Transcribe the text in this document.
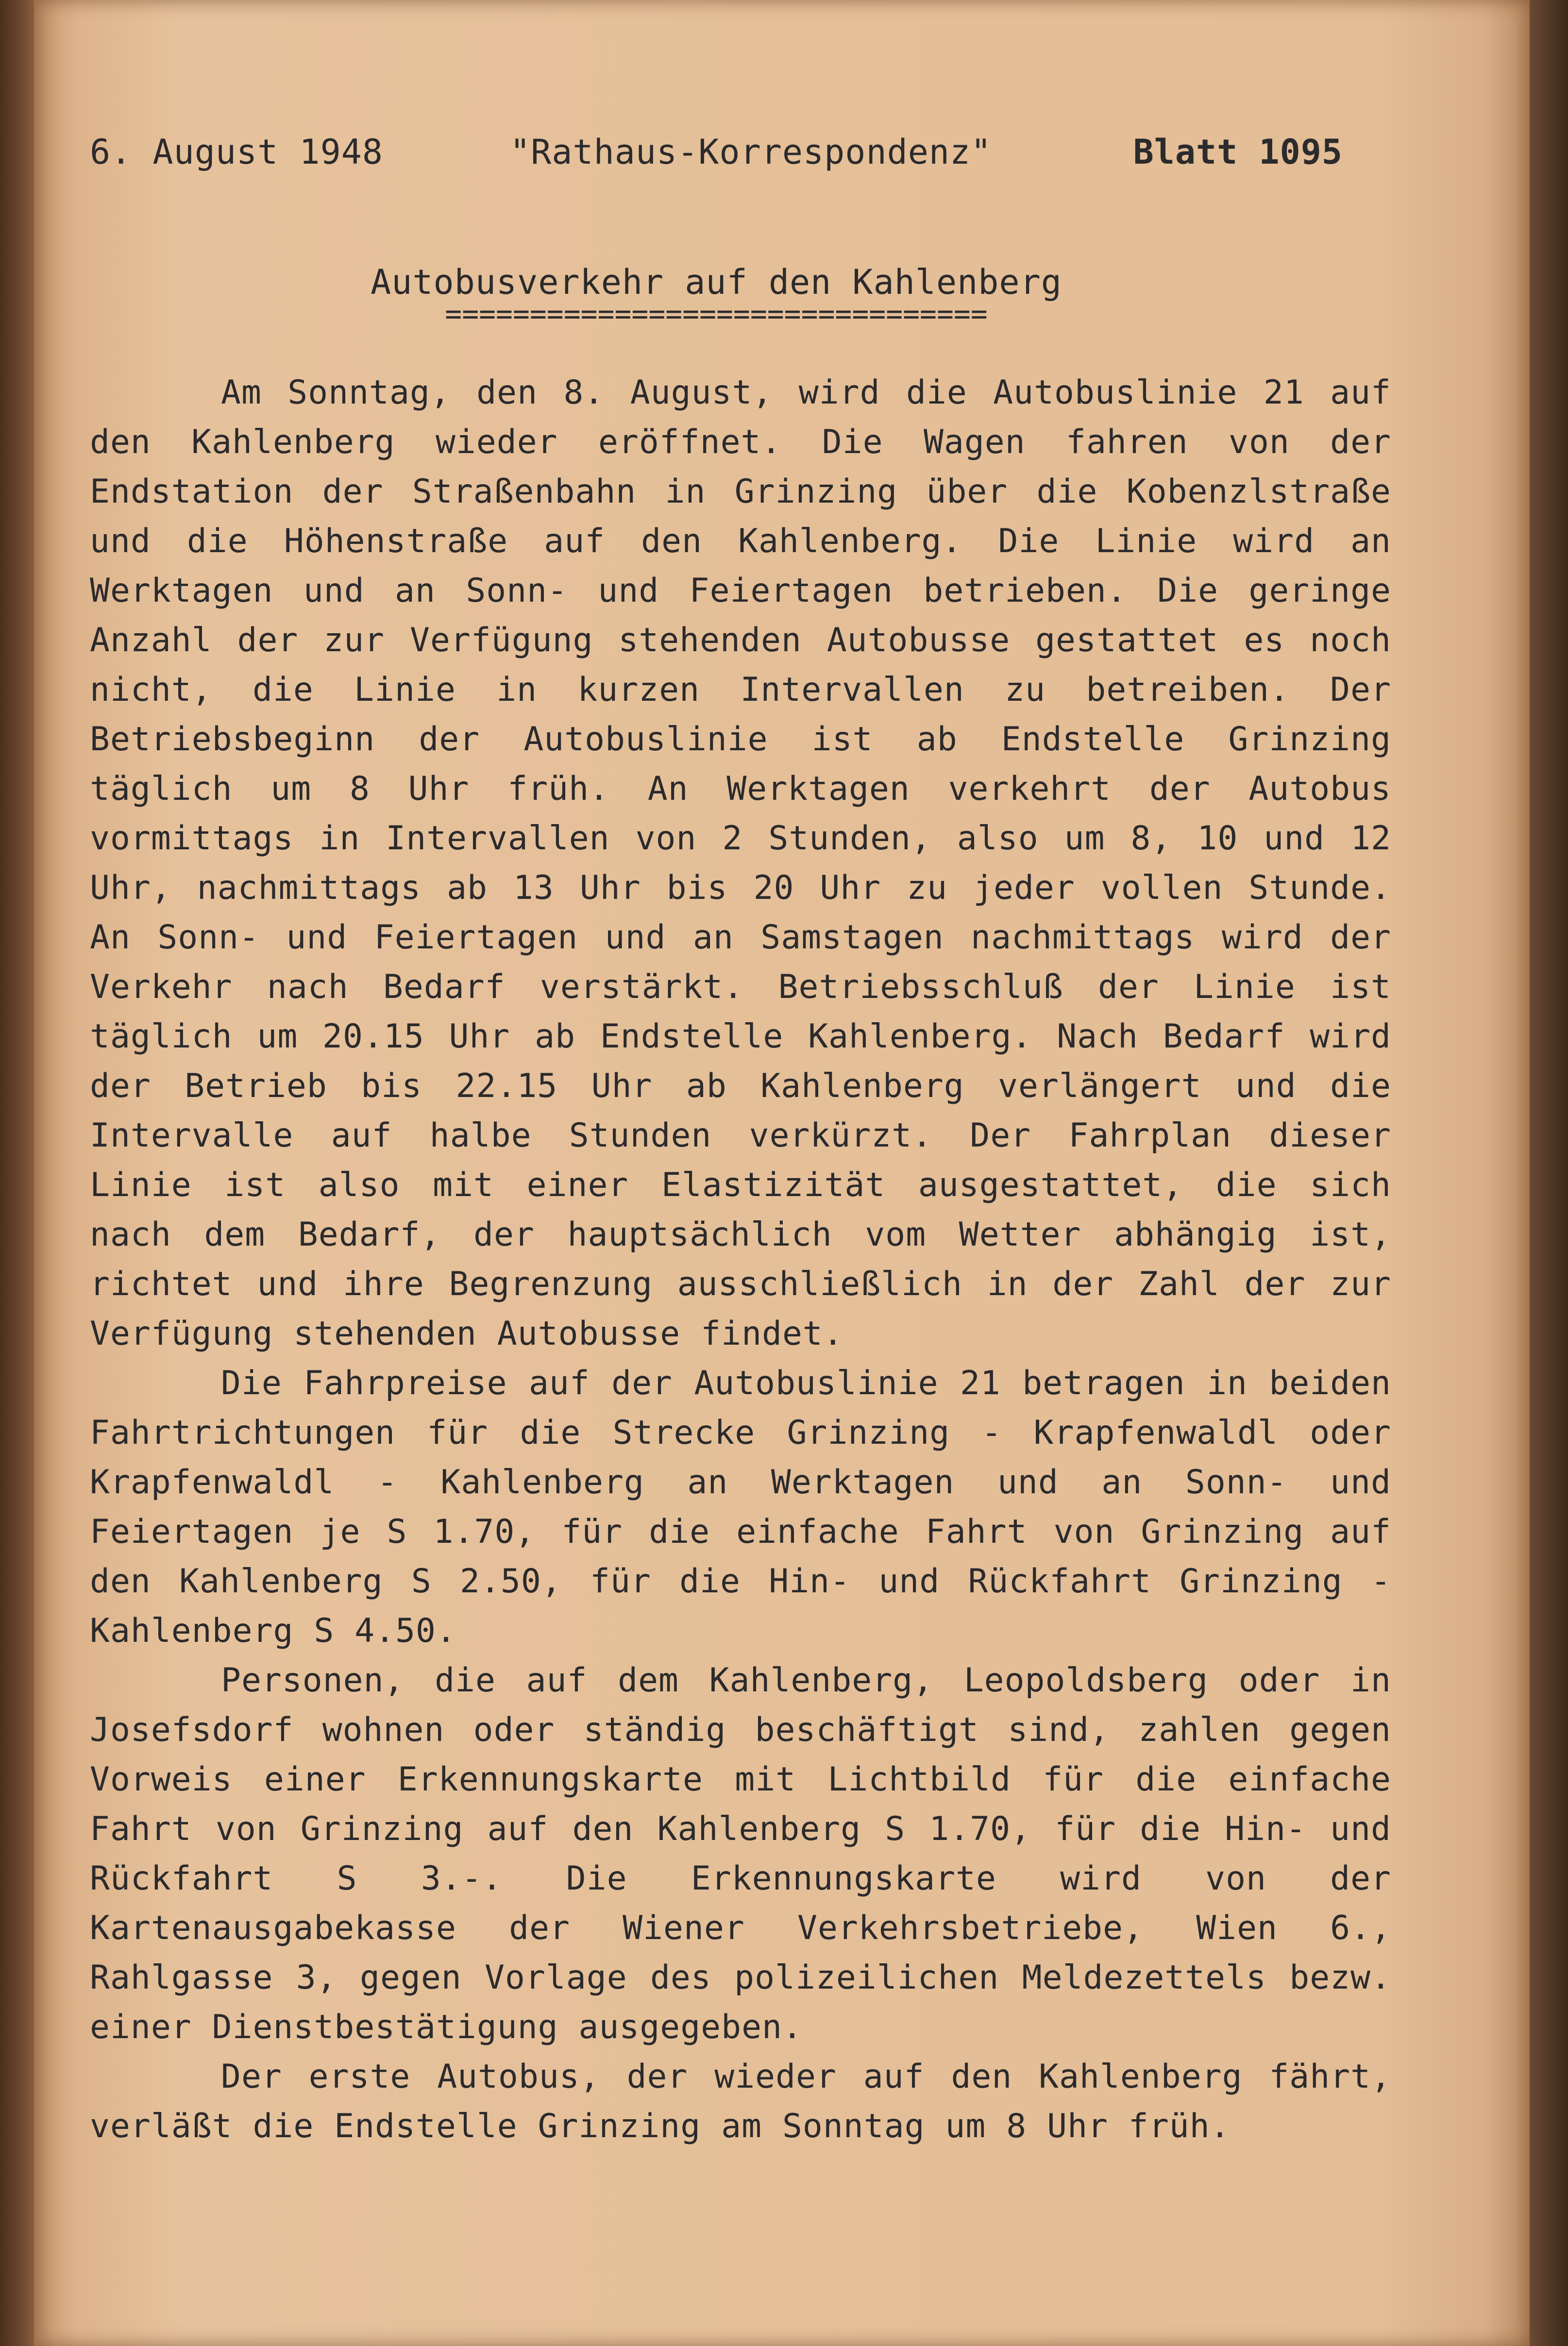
6. August 1948	"Rathaus-Korrespondenz"	Blatt 1095
Autobusverkehr auf den Kahlenberg
================================

Am Sonntag, den 8. August, wird die Autobuslinie 21 auf den Kahlenberg wieder eröffnet. Die Wagen fahren von der Endstation der Straßenbahn in Grinzing über die Kobenzlstraße und die Höhenstraße auf den Kahlenberg. Die Linie wird an Werktagen und an Sonn- und Feiertagen betrieben. Die geringe Anzahl der zur Verfügung stehenden Autobusse gestattet es noch nicht, die Linie in kurzen Intervallen zu betreiben. Der Betriebsbeginn der Autobuslinie ist ab Endstelle Grinzing täglich um 8 Uhr früh. An Werktagen verkehrt der Autobus vormittags in Intervallen von 2 Stunden, also um 8, 10 und 12 Uhr, nachmittags ab 13 Uhr bis 20 Uhr zu jeder vollen Stunde. An Sonn- und Feiertagen und an Samstagen nachmittags wird der Verkehr nach Bedarf verstärkt. Betriebsschluß der Linie ist täglich um 20.15 Uhr ab Endstelle Kahlenberg. Nach Bedarf wird der Betrieb bis 22.15 Uhr ab Kahlenberg verlängert und die Intervalle auf halbe Stunden verkürzt. Der Fahrplan dieser Linie ist also mit einer Elastizität ausgestattet, die sich nach dem Bedarf, der hauptsächlich vom Wetter abhängig ist, richtet und ihre Begrenzung ausschließlich in der Zahl der zur Verfügung stehenden Autobusse findet.

Die Fahrpreise auf der Autobuslinie 21 betragen in beiden Fahrtrichtungen für die Strecke Grinzing - Krapfenwaldl oder Krapfenwaldl - Kahlenberg an Werktagen und an Sonn- und Feiertagen je S 1.70, für die einfache Fahrt von Grinzing auf den Kahlenberg S 2.50, für die Hin- und Rückfahrt Grinzing - Kahlenberg S 4.50.

Personen, die auf dem Kahlenberg, Leopoldsberg oder in Josefsdorf wohnen oder ständig beschäftigt sind, zahlen gegen Vorweis einer Erkennungskarte mit Lichtbild für die einfache Fahrt von Grinzing auf den Kahlenberg S 1.70, für die Hin- und Rückfahrt S 3.-. Die Erkennungskarte wird von der Kartenausgabekasse der Wiener Verkehrsbetriebe, Wien 6., Rahlgasse 3, gegen Vorlage des polizeilichen Meldezettels bezw. einer Dienstbestätigung ausgegeben.

Der erste Autobus, der wieder auf den Kahlenberg fährt, verläßt die Endstelle Grinzing am Sonntag um 8 Uhr früh.
